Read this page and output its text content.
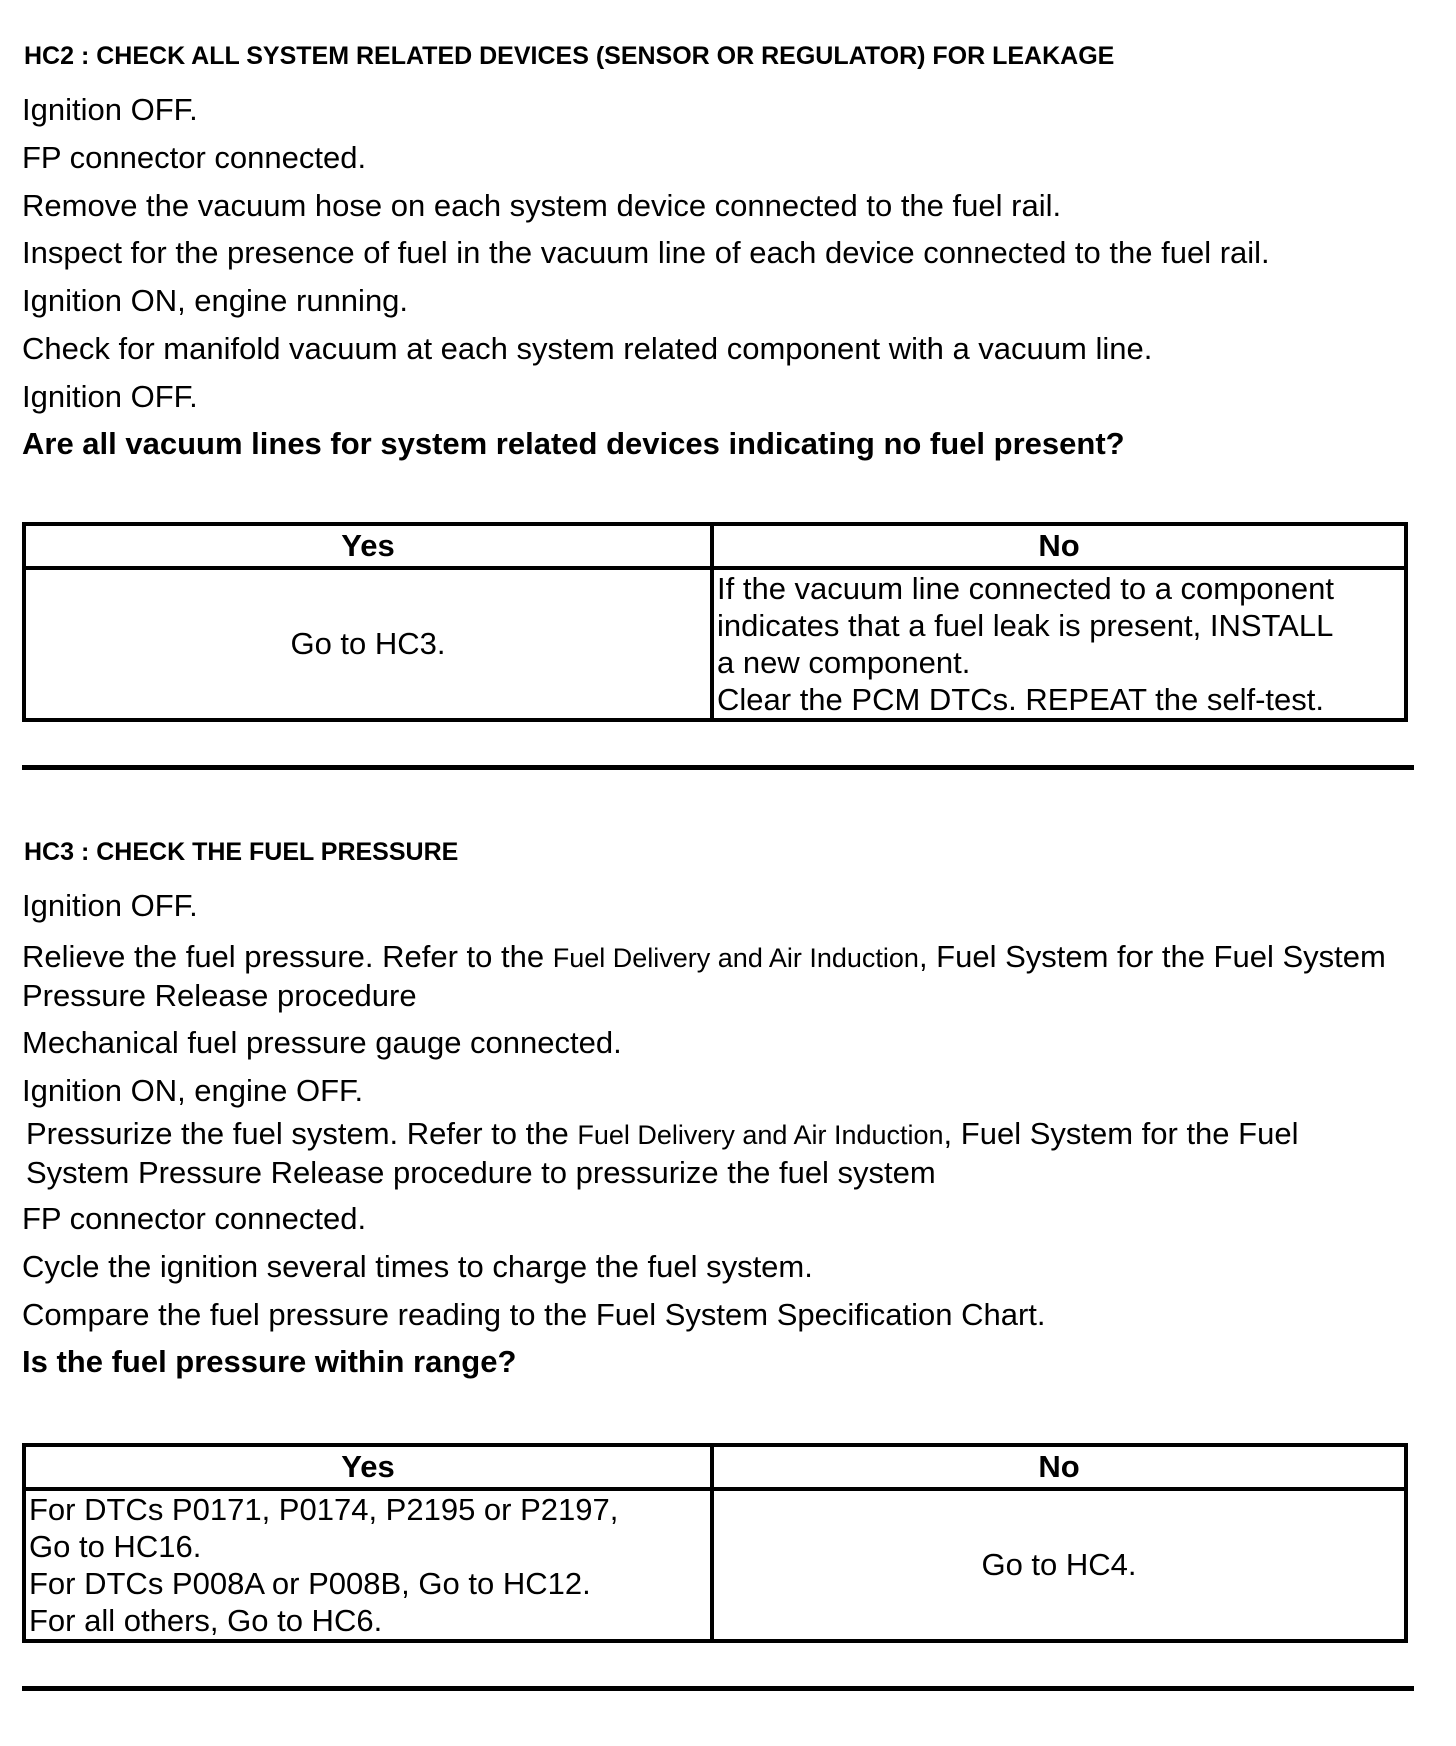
HC2 : CHECK ALL SYSTEM RELATED DEVICES (SENSOR OR REGULATOR) FOR LEAKAGE
Ignition OFF.
FP connector connected.
Remove the vacuum hose on each system device connected to the fuel rail.
Inspect for the presence of fuel in the vacuum line of each device connected to the fuel rail.
Ignition ON, engine running.
Check for manifold vacuum at each system related component with a vacuum line.
Ignition OFF.
Are all vacuum lines for system related devices indicating no fuel present?
Yes	No
Go to HC3.	If the vacuum line connected to a component
indicates that a fuel leak is present, INSTALL
a new component.
Clear the PCM DTCs. REPEAT the self-test.
HC3 : CHECK THE FUEL PRESSURE
Ignition OFF.
Relieve the fuel pressure. Refer to the Fuel Delivery and Air Induction, Fuel System for the Fuel System Pressure Release procedure
Mechanical fuel pressure gauge connected.
Ignition ON, engine OFF.
Pressurize the fuel system. Refer to the Fuel Delivery and Air Induction, Fuel System for the Fuel System Pressure Release procedure to pressurize the fuel system
FP connector connected.
Cycle the ignition several times to charge the fuel system.
Compare the fuel pressure reading to the Fuel System Specification Chart.
Is the fuel pressure within range?
Yes	No

For DTCs P0171, P0174, P2195 or P2197,
Go to HC16.
For DTCs P008A or P008B, Go to HC12.
For all others, Go to HC6.	Go to HC4.
